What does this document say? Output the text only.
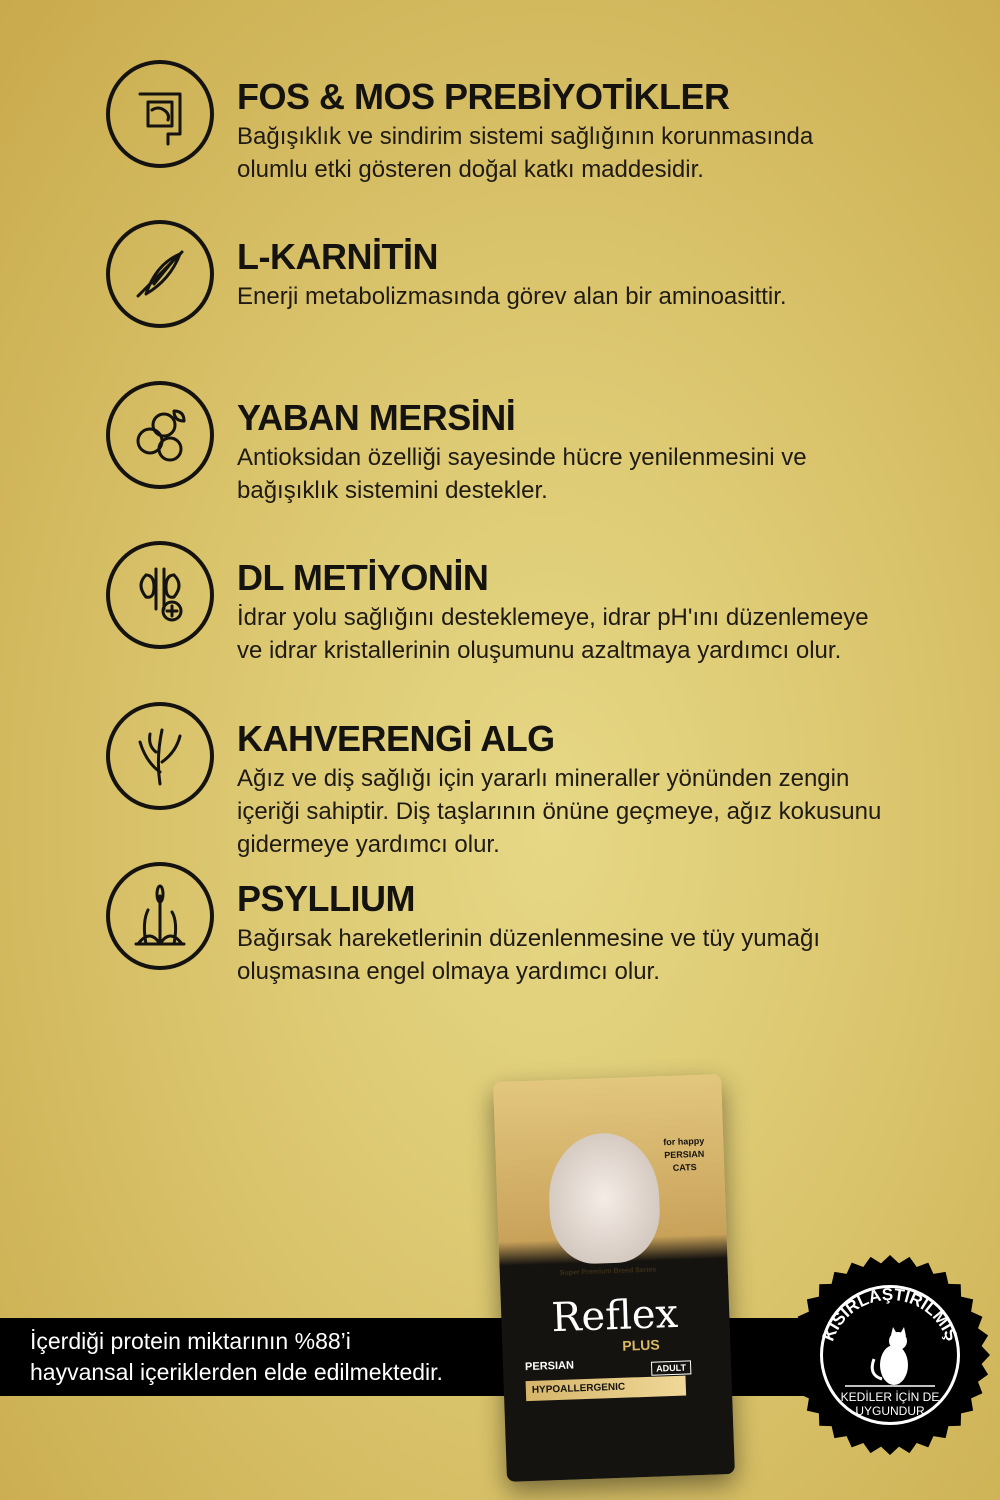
FOS & MOS PREBİYOTİKLER
Bağışıklık ve sindirim sistemi sağlığının korunmasında
olumlu etki gösteren doğal katkı maddesidir.
L-KARNİTİN
Enerji metabolizmasında görev alan bir aminoasittir.
YABAN MERSİNİ
Antioksidan özelliği sayesinde hücre yenilenmesini ve
bağışıklık sistemini destekler.
DL METİYONİN
İdrar yolu sağlığını desteklemeye, idrar pH'ını düzenlemeye
ve idrar kristallerinin oluşumunu azaltmaya yardımcı olur.
KAHVERENGİ ALG
Ağız ve diş sağlığı için yararlı mineraller yönünden zengin
içeriği sahiptir. Diş taşlarının önüne geçmeye, ağız kokusunu
gidermeye yardımcı olur.
PSYLLIUM
Bağırsak hareketlerinin düzenlenmesine ve tüy yumağı
oluşmasına engel olmaya yardımcı olur.
İçerdiği protein miktarının %88’i
hayvansal içeriklerden elde edilmektedir.
for happy
PERSIAN
CATS
Super Premium Breed Series
Reflex
PLUS
PERSIAN	ADULT
HYPOALLERGENIC
KISIRLAŞTIRILMIŞ
KEDİLER İÇİN DE
UYGUNDUR
